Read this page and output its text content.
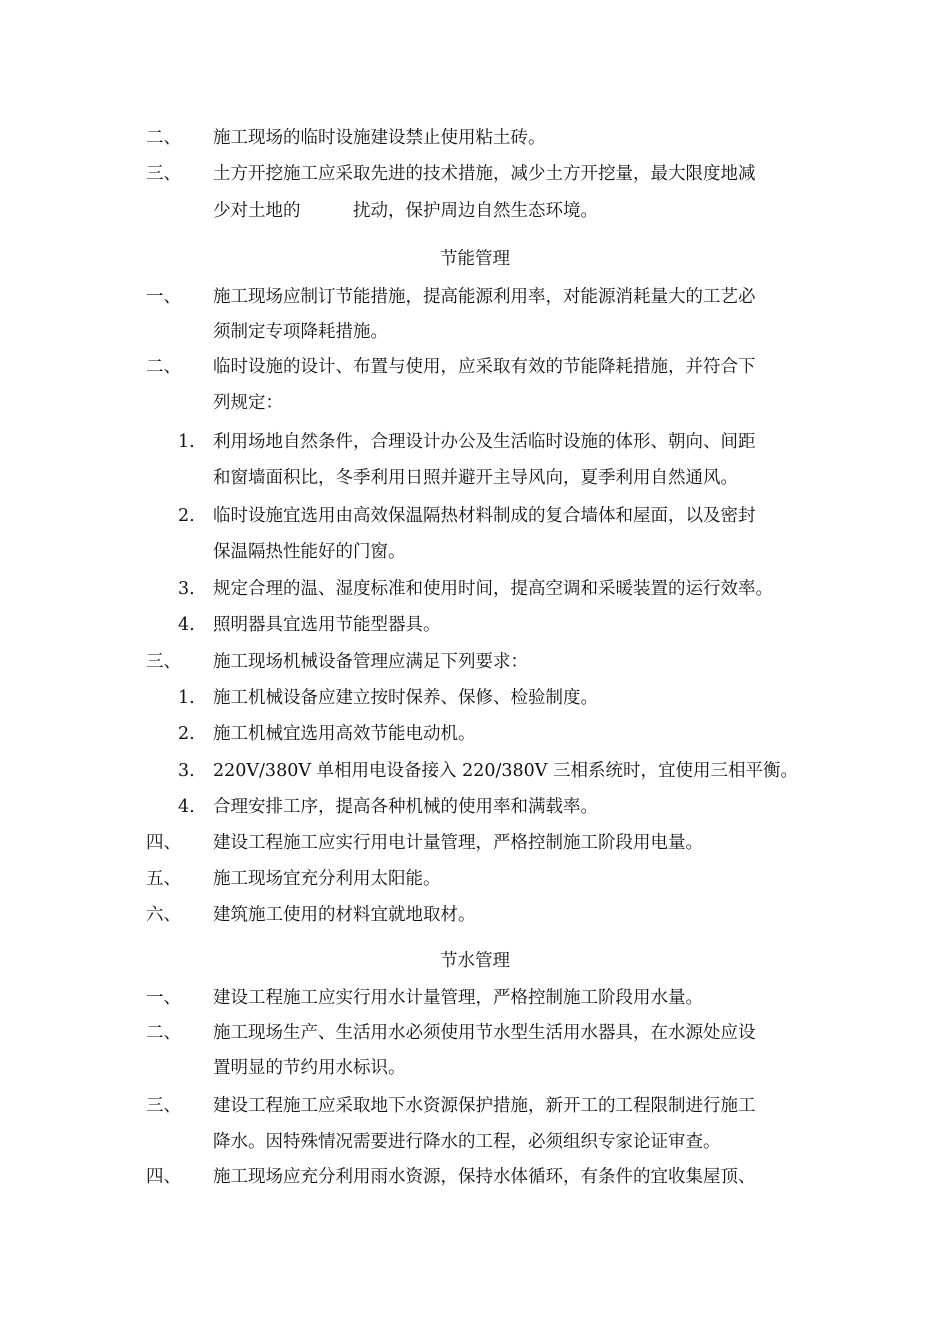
二、 施工现场的临时设施建设禁止使用粘土砖。
三、 土方开挖施工应采取先进的技术措施，减少土方开挖量，最大限度地减
少对土地的　　　扰动，保护周边自然生态环境。
节能管理
一、 施工现场应制订节能措施，提高能源利用率，对能源消耗量大的工艺必
须制定专项降耗措施。
二、 临时设施的设计、布置与使用，应采取有效的节能降耗措施，并符合下
列规定：
1. 利用场地自然条件，合理设计办公及生活临时设施的体形、朝向、间距
和窗墙面积比，冬季利用日照并避开主导风向，夏季利用自然通风。
2. 临时设施宜选用由高效保温隔热材料制成的复合墙体和屋面，以及密封
保温隔热性能好的门窗。
3. 规定合理的温、湿度标准和使用时间，提高空调和采暖装置的运行效率。
4. 照明器具宜选用节能型器具。
三、 施工现场机械设备管理应满足下列要求：
1. 施工机械设备应建立按时保养、保修、检验制度。
2. 施工机械宜选用高效节能电动机。
3. 220V/380V 单相用电设备接入 220/380V 三相系统时，宜使用三相平衡。
4. 合理安排工序，提高各种机械的使用率和满载率。
四、 建设工程施工应实行用电计量管理，严格控制施工阶段用电量。
五、 施工现场宜充分利用太阳能。
六、 建筑施工使用的材料宜就地取材。
节水管理
一、 建设工程施工应实行用水计量管理，严格控制施工阶段用水量。
二、 施工现场生产、生活用水必须使用节水型生活用水器具，在水源处应设
置明显的节约用水标识。
三、 建设工程施工应采取地下水资源保护措施，新开工的工程限制进行施工
降水。因特殊情况需要进行降水的工程，必须组织专家论证审查。
四、 施工现场应充分利用雨水资源，保持水体循环，有条件的宜收集屋顶、
